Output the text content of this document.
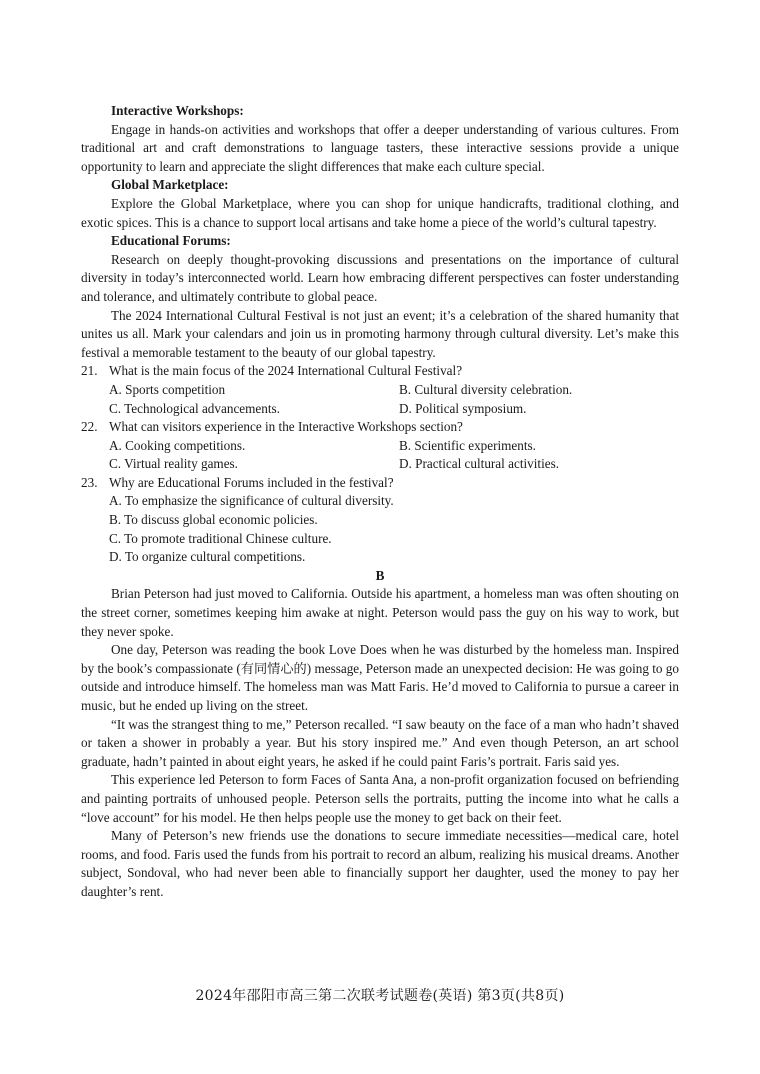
Interactive Workshops:

Engage in hands-on activities and workshops that offer a deeper understanding of various cultures. From traditional art and craft demonstrations to language tasters, these interactive sessions provide a unique opportunity to learn and appreciate the slight differences that make each culture special.

Global Marketplace:

Explore the Global Marketplace, where you can shop for unique handicrafts, traditional clothing, and exotic spices. This is a chance to support local artisans and take home a piece of the world’s cultural tapestry.

Educational Forums:

Research on deeply thought-provoking discussions and presentations on the importance of cultural diversity in today’s interconnected world. Learn how embracing different perspectives can foster understanding and tolerance, and ultimately contribute to global peace.

The 2024 International Cultural Festival is not just an event; it’s a celebration of the shared humanity that unites us all. Mark your calendars and join us in promoting harmony through cultural diversity. Let’s make this festival a memorable testament to the beauty of our global tapestry.

21. What is the main focus of the 2024 International Cultural Festival?
A. Sports competition	B. Cultural diversity celebration.
C. Technological advancements.	D. Political symposium.
22. What can visitors experience in the Interactive Workshops section?
A. Cooking competitions.	B. Scientific experiments.
C. Virtual reality games.	D. Practical cultural activities.
23. Why are Educational Forums included in the festival?
A. To emphasize the significance of cultural diversity.
B. To discuss global economic policies.
C. To promote traditional Chinese culture.
D. To organize cultural competitions.
B

Brian Peterson had just moved to California. Outside his apartment, a homeless man was often shouting on the street corner, sometimes keeping him awake at night. Peterson would pass the guy on his way to work, but they never spoke.

One day, Peterson was reading the book Love Does when he was disturbed by the homeless man. Inspired by the book’s compassionate (有同情心的) message, Peterson made an unexpected decision: He was going to go outside and introduce himself. The homeless man was Matt Faris. He’d moved to California to pursue a career in music, but he ended up living on the street.

“It was the strangest thing to me,” Peterson recalled. “I saw beauty on the face of a man who hadn’t shaved or taken a shower in probably a year. But his story inspired me.” And even though Peterson, an art school graduate, hadn’t painted in about eight years, he asked if he could paint Faris’s portrait. Faris said yes.

This experience led Peterson to form Faces of Santa Ana, a non-profit organization focused on befriending and painting portraits of unhoused people. Peterson sells the portraits, putting the income into what he calls a “love account” for his model. He then helps people use the money to get back on their feet.

Many of Peterson’s new friends use the donations to secure immediate necessities—medical care, hotel rooms, and food. Faris used the funds from his portrait to record an album, realizing his musical dreams. Another subject, Sondoval, who had never been able to financially support her daughter, used the money to pay her daughter’s rent.

2024年邵阳市高三第二次联考试题卷(英语) 第3页(共8页)
